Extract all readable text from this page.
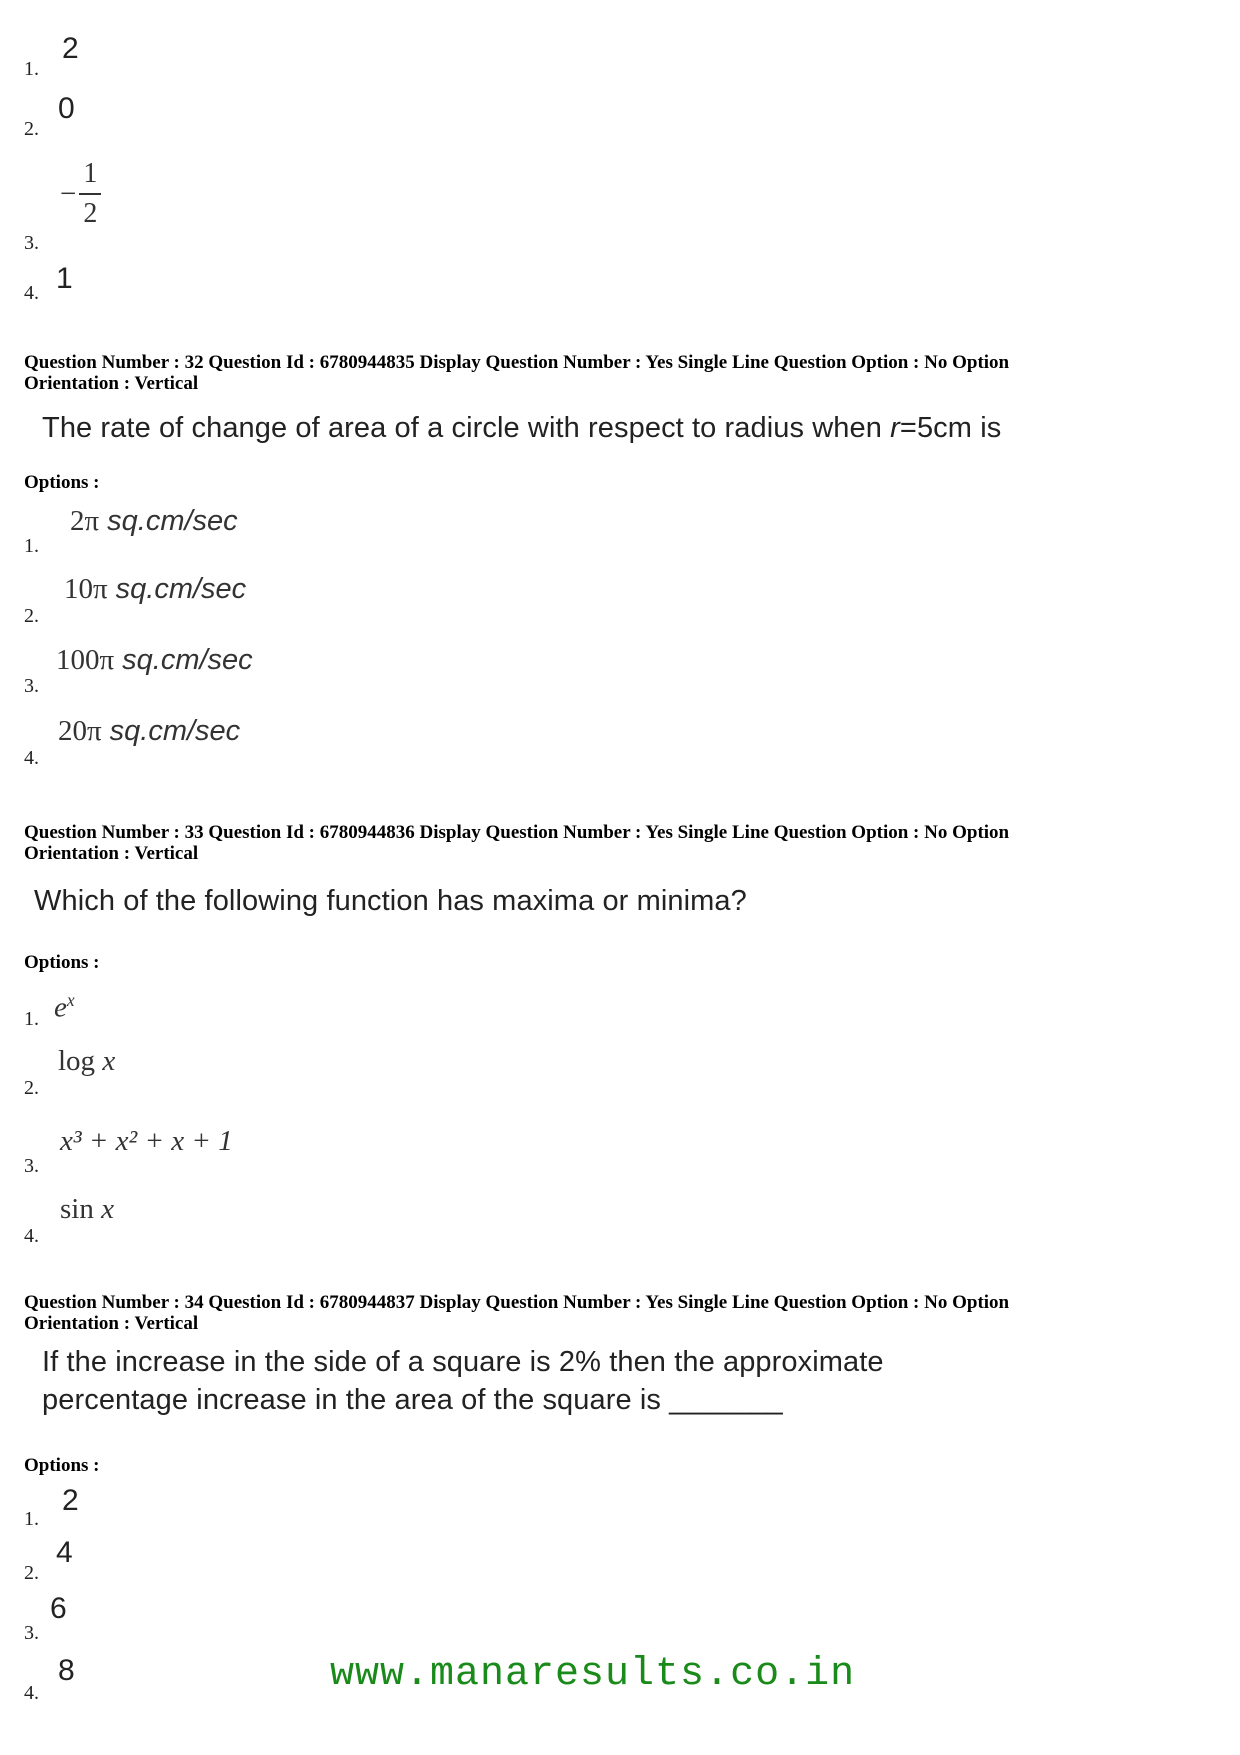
1.
2
2.
0
3.
− $\frac{1}{2}$
4. 1
Question Number : 32 Question Id : 6780944835 Display Question Number : Yes Single Line Question Option : No Option
Orientation : Vertical
The rate of change of area of a circle with respect to radius when r=5cm is
Options :
1.
2π sq.cm/sec
2.
10π sq.cm/sec
3.
100π sq.cm/sec
4.
20π sq.cm/sec
Question Number : 33 Question Id : 6780944836 Display Question Number : Yes Single Line Question Option : No Option
Orientation : Vertical
Which of the following function has maxima or minima?
Options :
1. $e^x$
2.
log x
3.
x³ + x² + x + 1
4.
sin x
Question Number : 34 Question Id : 6780944837 Display Question Number : Yes Single Line Question Option : No Option
Orientation : Vertical
If the increase in the side of a square is 2% then the approximate
percentage increase in the area of the square is _______
Options :
1.
2
2.
4
3.
6
4.
8	www.manaresults.co.in
